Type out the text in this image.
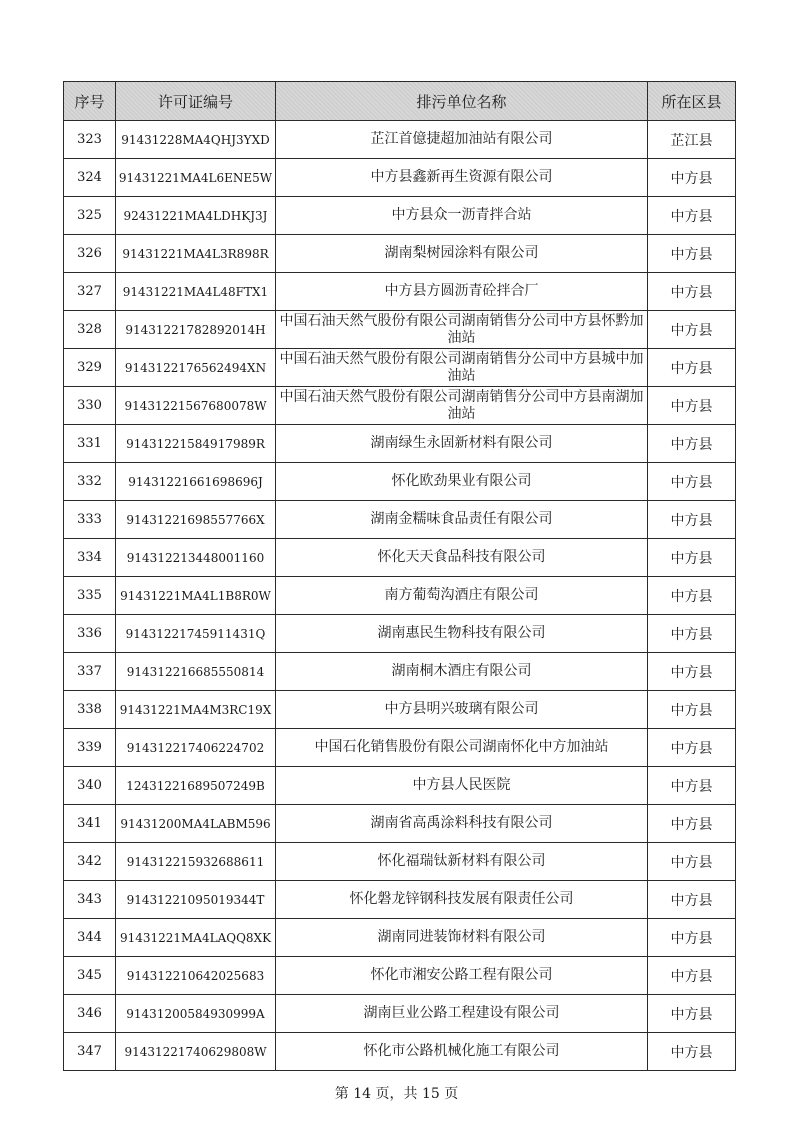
序号	许可证编号	排污单位名称	所在区县
323	91431228MA4QHJ3YXD	芷江首億捷超加油站有限公司	芷江县
324	91431221MA4L6ENE5W	中方县鑫新再生资源有限公司	中方县
325	92431221MA4LDHKJ3J	中方县众一沥青拌合站	中方县
326	91431221MA4L3R898R	湖南梨树园涂料有限公司	中方县
327	91431221MA4L48FTX1	中方县方圆沥青砼拌合厂	中方县
328	91431221782892014H	中国石油天然气股份有限公司湖南销售分公司中方县怀黔加油站	中方县
329	9143122176562494XN	中国石油天然气股份有限公司湖南销售分公司中方县城中加油站	中方县
330	91431221567680078W	中国石油天然气股份有限公司湖南销售分公司中方县南湖加油站	中方县
331	91431221584917989R	湖南绿生永固新材料有限公司	中方县
332	91431221661698696J	怀化欧劲果业有限公司	中方县
333	91431221698557766X	湖南金糯味食品责任有限公司	中方县
334	914312213448001160	怀化天天食品科技有限公司	中方县
335	91431221MA4L1B8R0W	南方葡萄沟酒庄有限公司	中方县
336	91431221745911431Q	湖南惠民生物科技有限公司	中方县
337	914312216685550814	湖南桐木酒庄有限公司	中方县
338	91431221MA4M3RC19X	中方县明兴玻璃有限公司	中方县
339	914312217406224702	中国石化销售股份有限公司湖南怀化中方加油站	中方县
340	12431221689507249B	中方县人民医院	中方县
341	91431200MA4LABM596	湖南省高禹涂料科技有限公司	中方县
342	914312215932688611	怀化福瑞钛新材料有限公司	中方县
343	91431221095019344T	怀化磐龙锌钢科技发展有限责任公司	中方县
344	91431221MA4LAQQ8XK	湖南同进装饰材料有限公司	中方县
345	914312210642025683	怀化市湘安公路工程有限公司	中方县
346	91431200584930999A	湖南巨业公路工程建设有限公司	中方县
347	91431221740629808W	怀化市公路机械化施工有限公司	中方县
第 14 页，共 15 页
